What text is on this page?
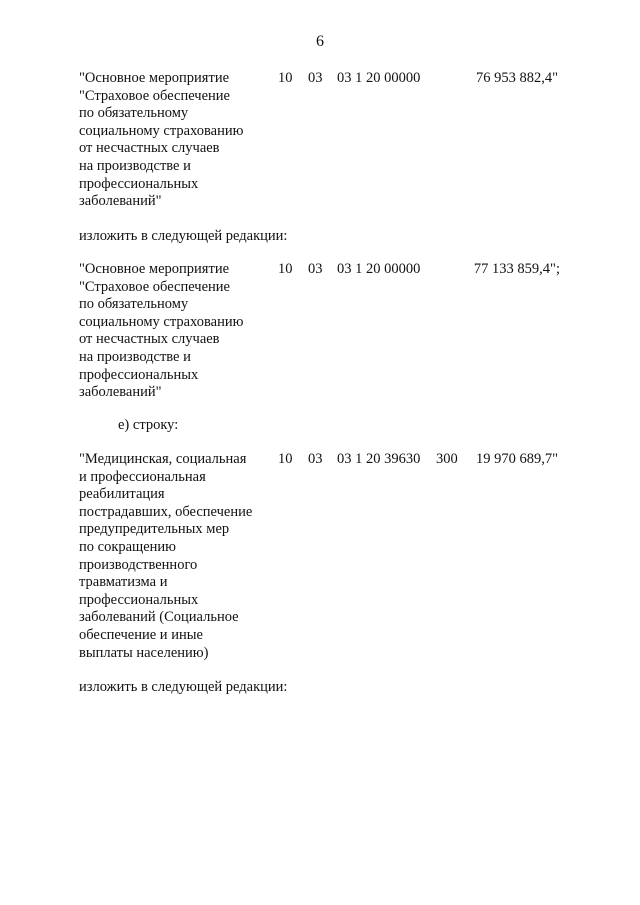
6
"Основное мероприятие
"Страховое обеспечение
по обязательному
социальному страхованию
от несчастных случаев
на производстве и
профессиональных
заболеваний"
10 03 03 1 20 00000	76 953 882,4"
изложить в следующей редакции:
"Основное мероприятие
"Страховое обеспечение
по обязательному
социальному страхованию
от несчастных случаев
на производстве и
профессиональных
заболеваний"
10 03 03 1 20 00000	77 133 859,4";
е) строку:
"Медицинская, социальная
и профессиональная
реабилитация
пострадавших, обеспечение
предупредительных мер
по сокращению
производственного
травматизма и
профессиональных
заболеваний (Социальное
обеспечение и иные
выплаты населению)
10 03 03 1 20 39630 300 19 970 689,7"
изложить в следующей редакции:
